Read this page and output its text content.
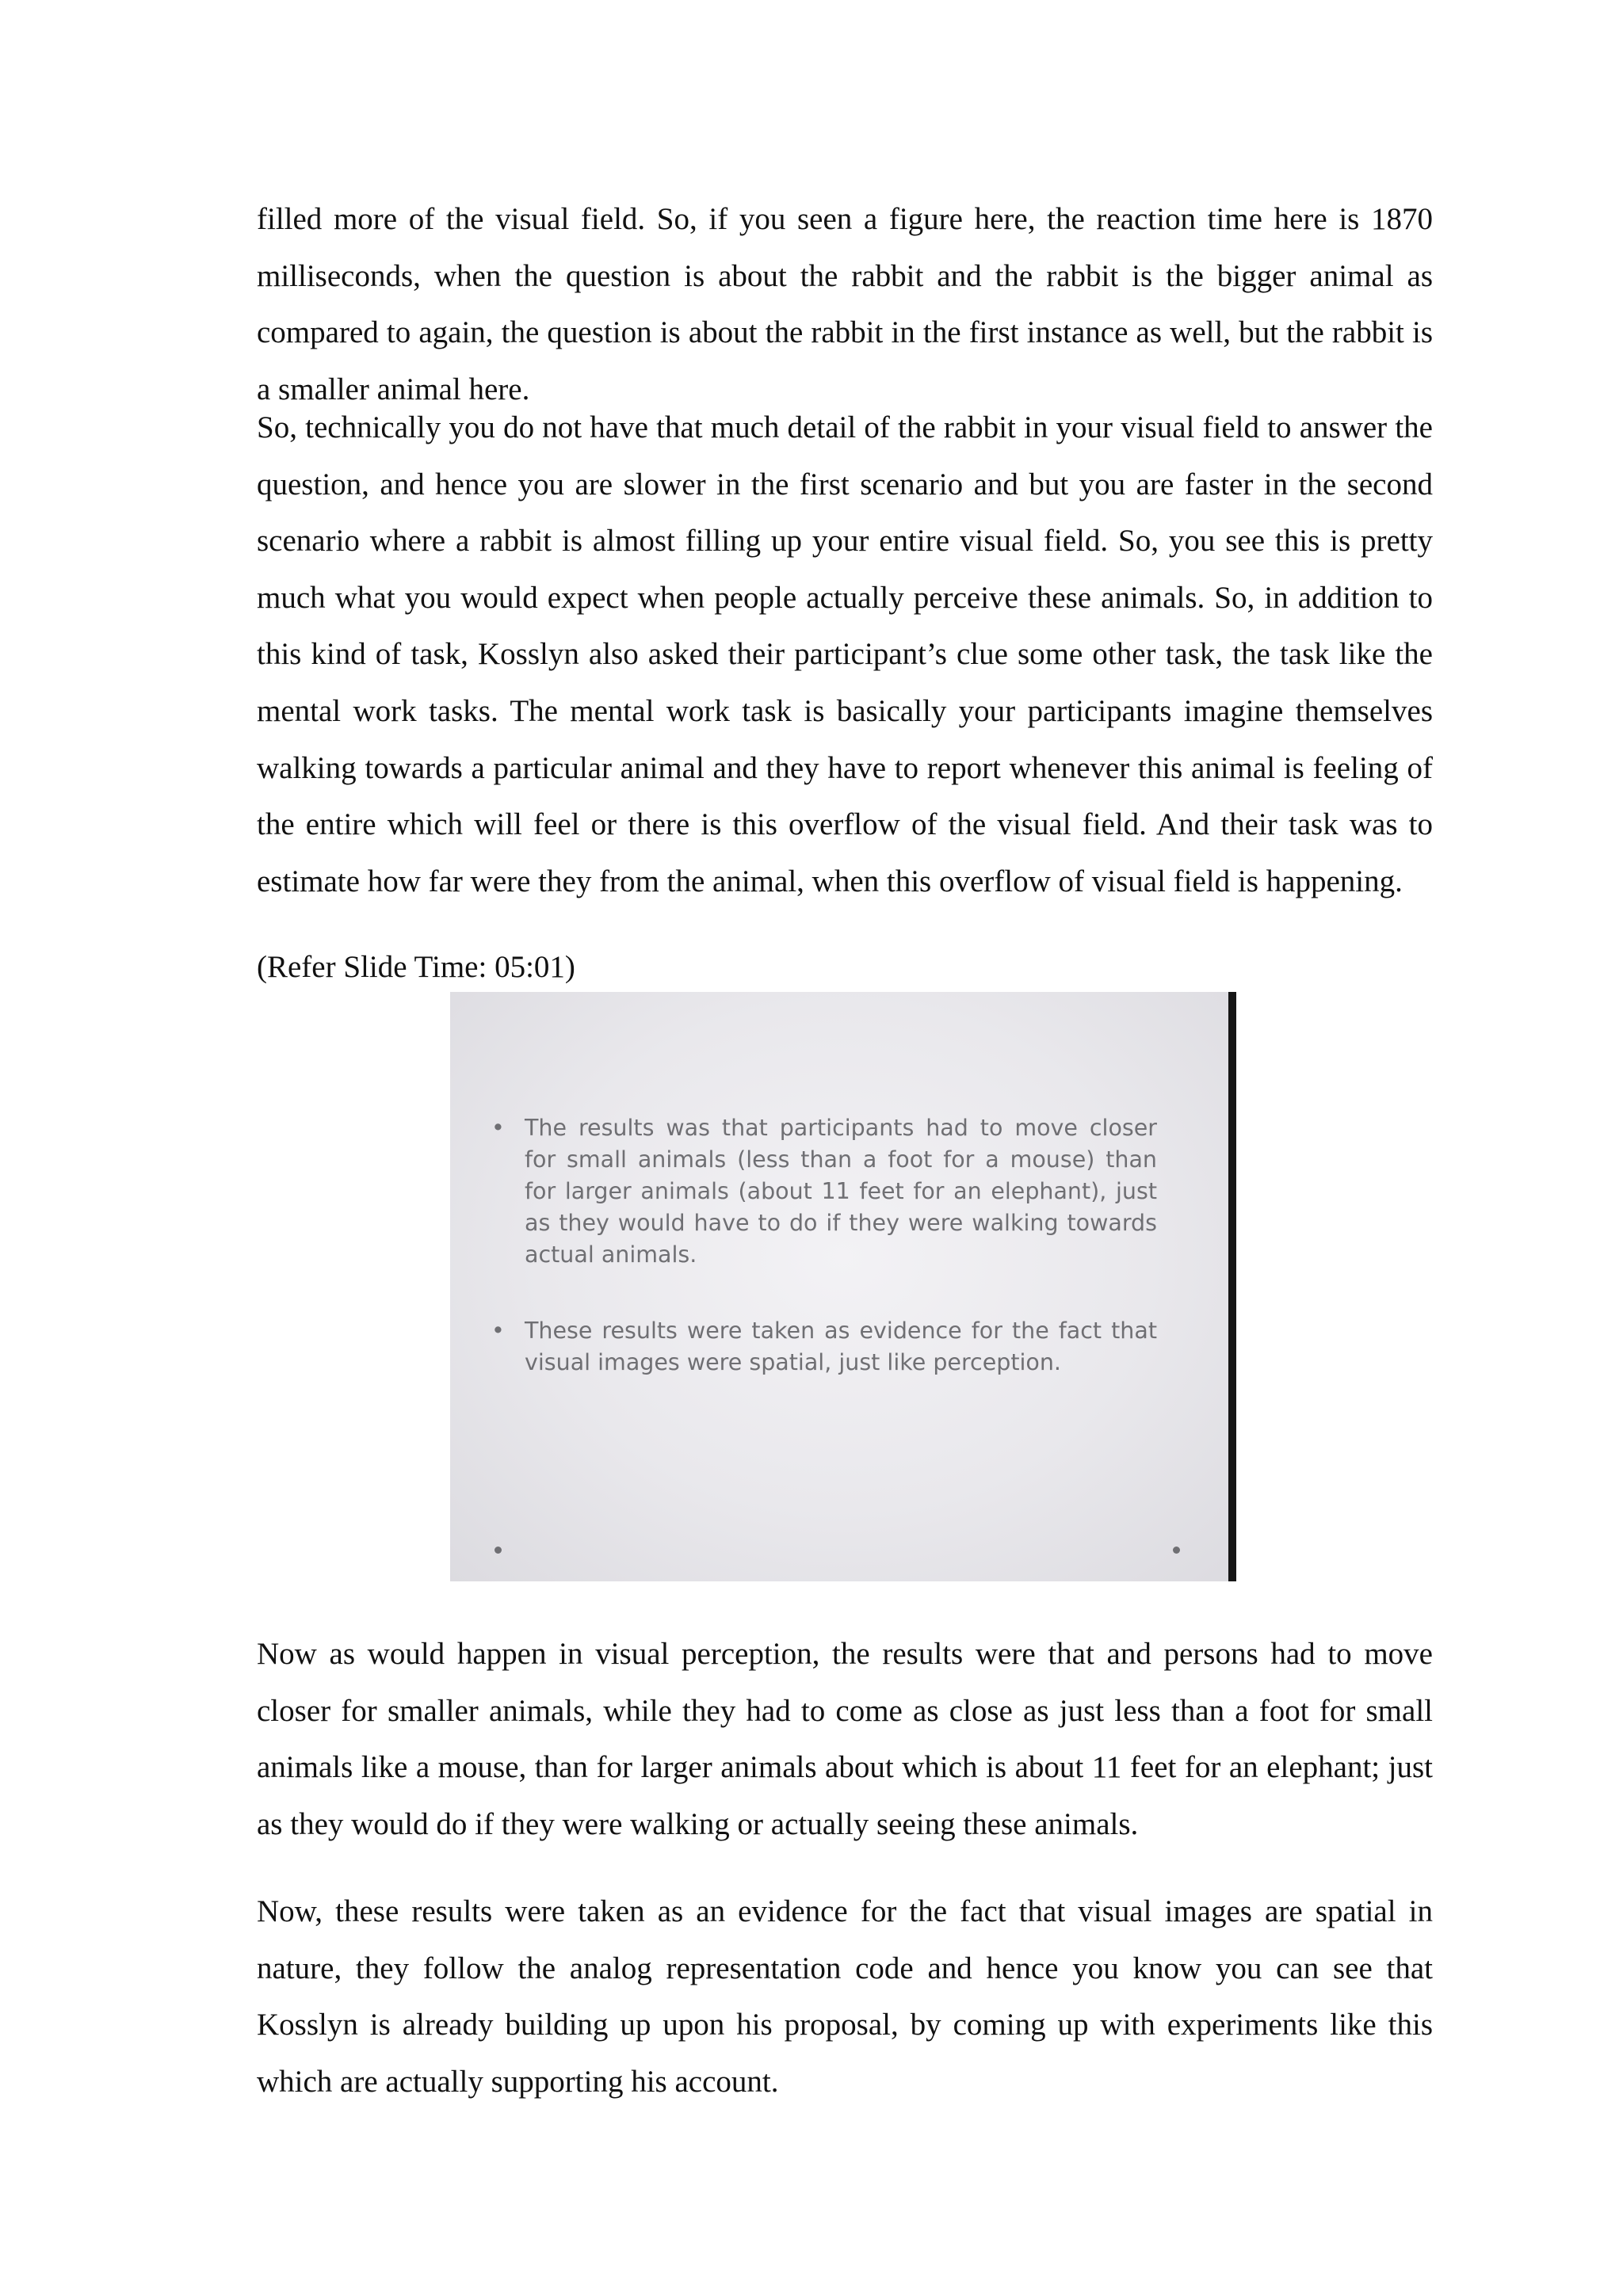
filled more of the visual field. So, if you seen a figure here, the reaction time here is 1870 milliseconds, when the question is about the rabbit and the rabbit is the bigger animal as compared to again, the question is about the rabbit in the first instance as well, but the rabbit is a smaller animal here.

So, technically you do not have that much detail of the rabbit in your visual field to answer the question, and hence you are slower in the first scenario and but you are faster in the second scenario where a rabbit is almost filling up your entire visual field. So, you see this is pretty much what you would expect when people actually perceive these animals. So, in addition to this kind of task, Kosslyn also asked their participant’s clue some other task, the task like the mental work tasks. The mental work task is basically your participants imagine themselves walking towards a particular animal and they have to report whenever this animal is feeling of the entire which will feel or there is this overflow of the visual field. And their task was to estimate how far were they from the animal, when this overflow of visual field is happening.

(Refer Slide Time: 05:01)

• The results was that participants had to move closer for small animals (less than a foot for a mouse) than for larger animals (about 11 feet for an elephant), just as they would have to do if they were walking towards actual animals.
• These results were taken as evidence for the fact that visual images were spatial, just like perception.

Now as would happen in visual perception, the results were that and persons had to move closer for smaller animals, while they had to come as close as just less than a foot for small animals like a mouse, than for larger animals about which is about 11 feet for an elephant; just as they would do if they were walking or actually seeing these animals.

Now, these results were taken as an evidence for the fact that visual images are spatial in nature, they follow the analog representation code and hence you know you can see that Kosslyn is already building up upon his proposal, by coming up with experiments like this which are actually supporting his account.
